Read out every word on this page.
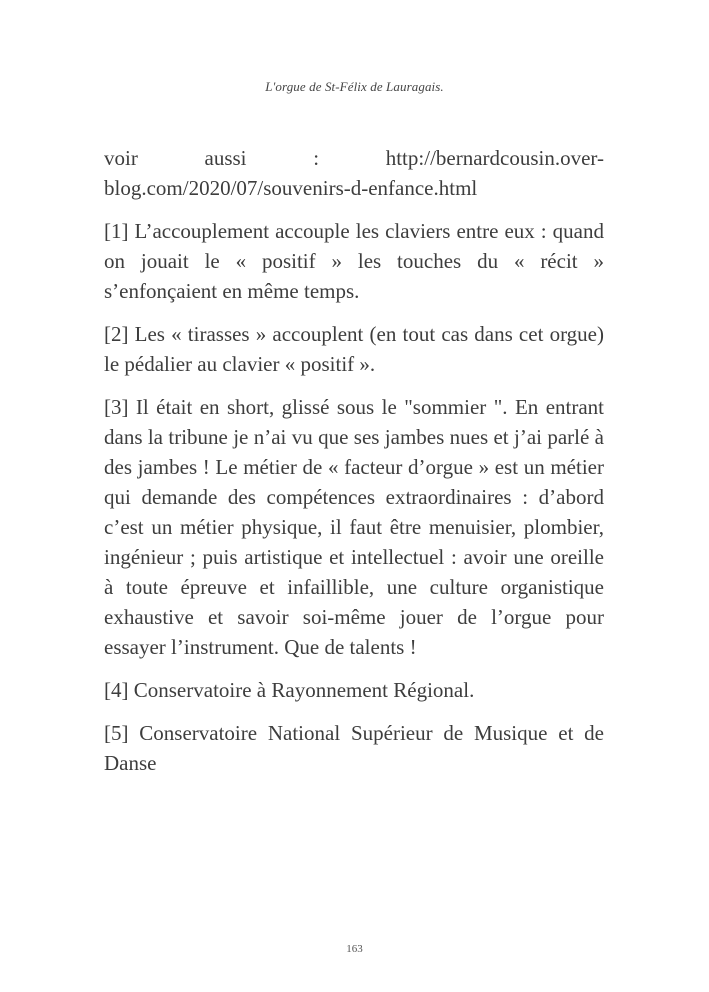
L'orgue de St-Félix de Lauragais.

voir aussi : http://bernardcousin.over-blog.com/2020/07/souvenirs-d-enfance.html

[1] L’accouplement accouple les claviers entre eux : quand on jouait le « positif » les touches du « récit » s’enfonçaient en même temps.

[2] Les « tirasses » accouplent (en tout cas dans cet orgue) le pédalier au clavier « positif ».

[3] Il était en short, glissé sous le "sommier ". En entrant dans la tribune je n’ai vu que ses jambes nues et j’ai parlé à des jambes ! Le métier de « facteur d’orgue » est un métier qui demande des compétences extraordinaires : d’abord c’est un métier physique, il faut être menuisier, plombier, ingénieur ; puis artistique et intellectuel : avoir une oreille à toute épreuve et infaillible, une culture organistique exhaustive et savoir soi-même jouer de l’orgue pour essayer l’instrument. Que de talents !

[4] Conservatoire à Rayonnement Régional.

[5] Conservatoire National Supérieur de Musique et de Danse

163
